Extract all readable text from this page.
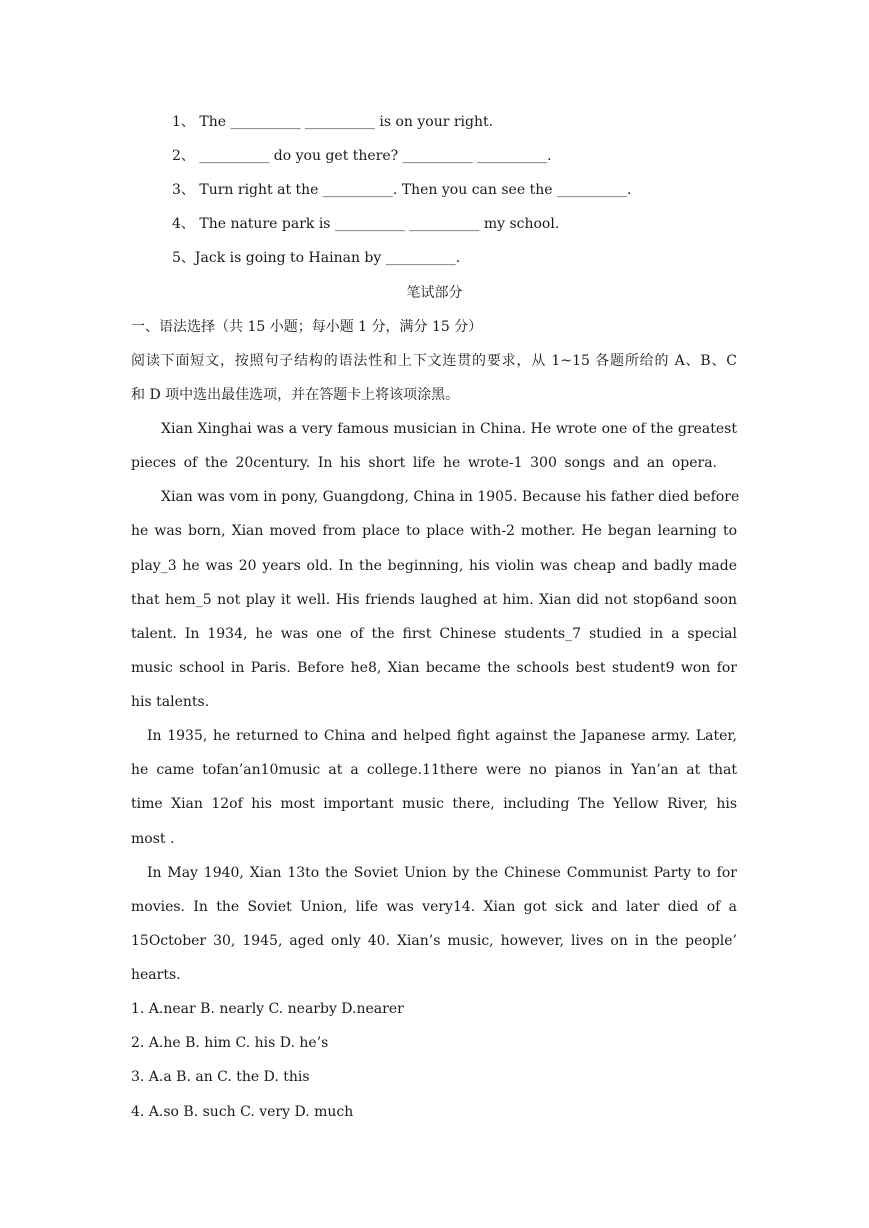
1、 The __________ __________ is on your right.
2、 __________ do you get there? __________ __________.
3、 Turn right at the __________. Then you can see the __________.
4、 The nature park is __________ __________ my school.
5、Jack is going to Hainan by __________.
笔试部分
一、语法选择（共 15 小题；每小题 1 分，满分 15 分）
阅读下面短文，按照句子结构的语法性和上下文连贯的要求，从 1~15 各题所给的 A、B、C
和 D 项中选出最佳选项，并在答题卡上将该项涂黑。
Xian Xinghai was a very famous musician in China. He wrote one of the greatest
pieces of the 20century. In his short life he wrote-1 300 songs and an opera.
Xian was vom in pony, Guangdong, China in 1905. Because his father died before
he was born, Xian moved from place to place with-2 mother. He began learning to
play_3 he was 20 years old. In the beginning, his violin was cheap and badly made
that hem_5 not play it well. His friends laughed at him. Xian did not stop6and soon
talent. In 1934, he was one of the first Chinese students_7 studied in a special
music school in Paris. Before he8, Xian became the schools best student9 won for
his talents.
In 1935, he returned to China and helped fight against the Japanese army. Later,
he came tofan’an10music at a college.11there were no pianos in Yan’an at that
time Xian 12of his most important music there, including The Yellow River, his
most .
In May 1940, Xian 13to the Soviet Union by the Chinese Communist Party to for
movies. In the Soviet Union, life was very14. Xian got sick and later died of a
15October 30, 1945, aged only 40. Xian’s music, however, lives on in the people’
hearts.
1. A.near B. nearly C. nearby D.nearer
2. A.he B. him C. his D. he’s
3. A.a B. an C. the D. this
4. A.so B. such C. very D. much
